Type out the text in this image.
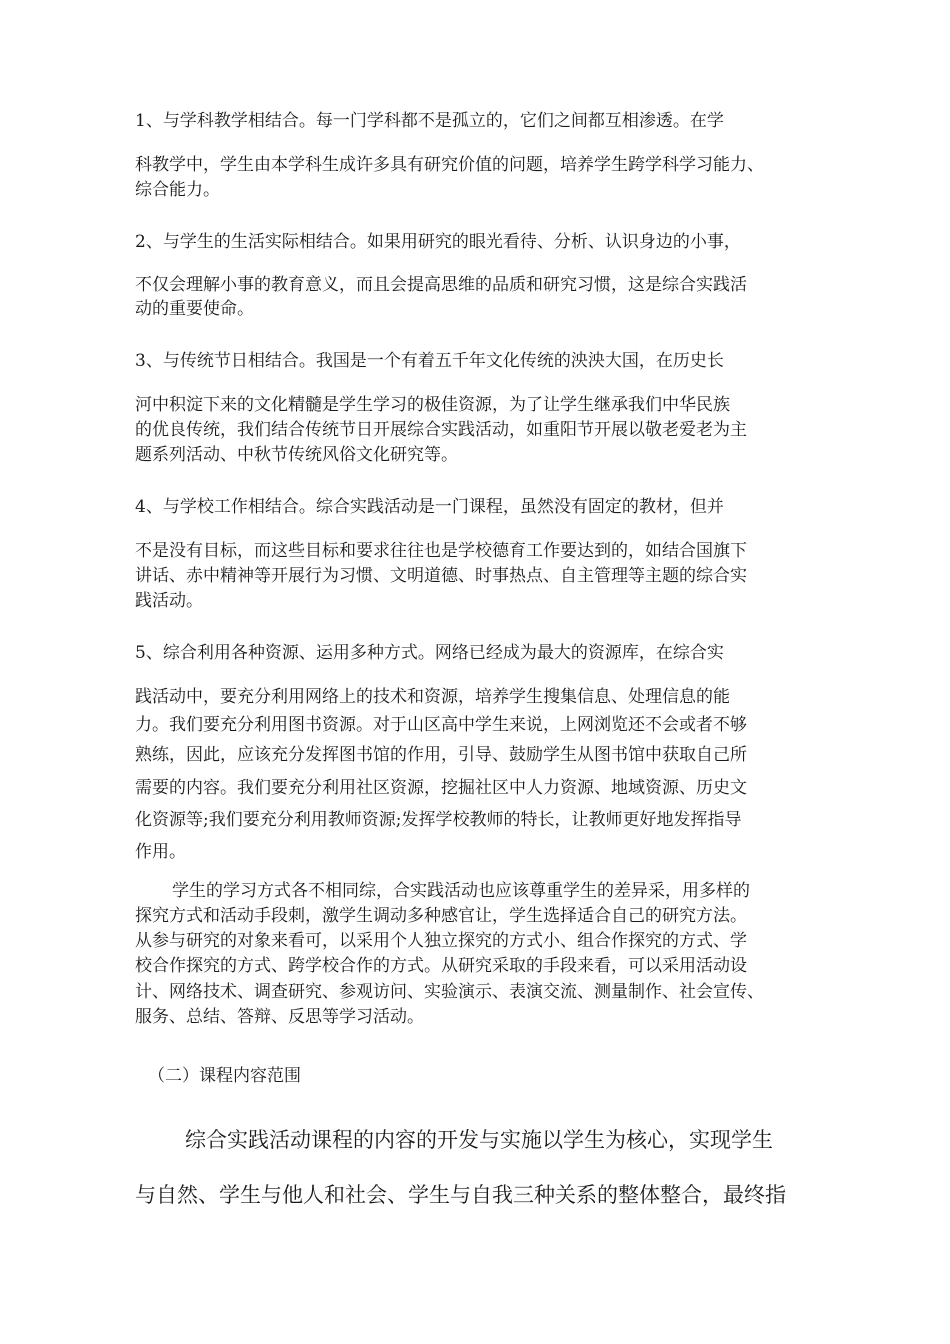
1、与学科教学相结合。每一门学科都不是孤立的，它们之间都互相渗透。在学
科教学中，学生由本学科生成许多具有研究价值的问题，培养学生跨学科学习能力、
综合能力。
2、与学生的生活实际相结合。如果用研究的眼光看待、分析、认识身边的小事，
不仅会理解小事的教育意义，而且会提高思维的品质和研究习惯，这是综合实践活
动的重要使命。
3、与传统节日相结合。我国是一个有着五千年文化传统的泱泱大国，在历史长
河中积淀下来的文化精髓是学生学习的极佳资源，为了让学生继承我们中华民族
的优良传统，我们结合传统节日开展综合实践活动，如重阳节开展以敬老爱老为主
题系列活动、中秋节传统风俗文化研究等。
4、与学校工作相结合。综合实践活动是一门课程，虽然没有固定的教材，但并
不是没有目标，而这些目标和要求往往也是学校德育工作要达到的，如结合国旗下
讲话、赤中精神等开展行为习惯、文明道德、时事热点、自主管理等主题的综合实
践活动。
5、综合利用各种资源、运用多种方式。网络已经成为最大的资源库，在综合实
践活动中，要充分利用网络上的技术和资源，培养学生搜集信息、处理信息的能
力。我们要充分利用图书资源。对于山区高中学生来说，上网浏览还不会或者不够
熟练，因此，应该充分发挥图书馆的作用，引导、鼓励学生从图书馆中获取自己所
需要的内容。我们要充分利用社区资源，挖掘社区中人力资源、地域资源、历史文
化资源等;我们要充分利用教师资源;发挥学校教师的特长，让教师更好地发挥指导
作用。
学生的学习方式各不相同综，合实践活动也应该尊重学生的差异采，用多样的
探究方式和活动手段刺，激学生调动多种感官让，学生选择适合自己的研究方法。
从参与研究的对象来看可，以采用个人独立探究的方式小、组合作探究的方式、学
校合作探究的方式、跨学校合作的方式。从研究采取的手段来看，可以采用活动设
计、网络技术、调查研究、参观访问、实验演示、表演交流、测量制作、社会宣传、
服务、总结、答辩、反思等学习活动。
（二）课程内容范围
综合实践活动课程的内容的开发与实施以学生为核心，实现学生
与自然、学生与他人和社会、学生与自我三种关系的整体整合，最终指
